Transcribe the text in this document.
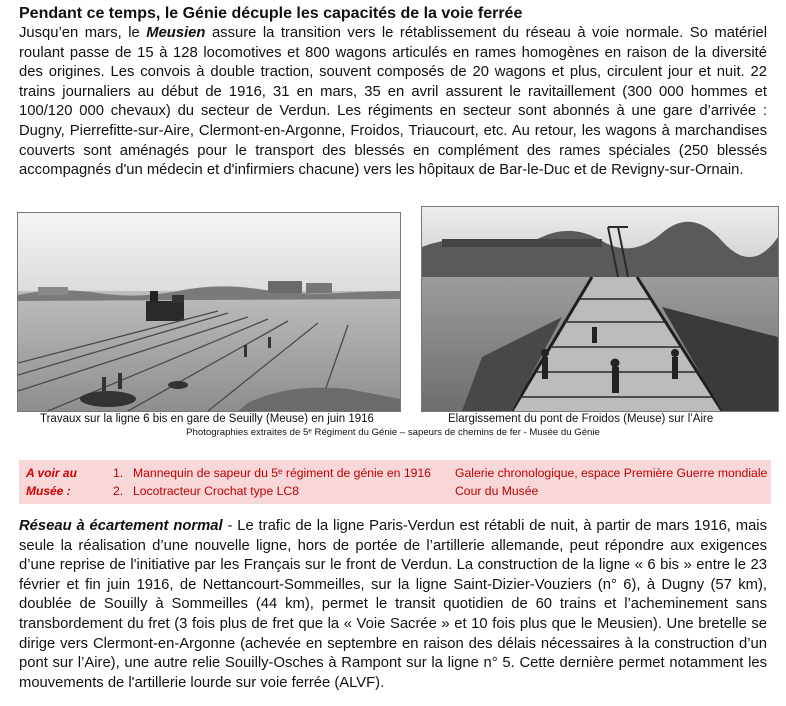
Pendant ce temps, le Génie décuple les capacités de la voie ferrée
Jusqu’en mars, le Meusien assure la transition vers le rétablissement du réseau à voie normale. So matériel roulant passe de 15 à 128 locomotives et 800 wagons articulés en rames homogènes en raison de la diversité des origines. Les convois à double traction, souvent composés de 20 wagons et plus, circulent jour et nuit. 22 trains journaliers au début de 1916, 31 en mars, 35 en avril assurent le ravitaillement (300 000 hommes et 100/120 000 chevaux) du secteur de Verdun. Les régiments en secteur sont abonnés à une gare d’arrivée : Dugny, Pierrefitte-sur-Aire, Clermont-en-Argonne, Froidos, Triaucourt, etc. Au retour, les wagons à marchandises couverts sont aménagés pour le transport des blessés en complément des rames spéciales (250 blessés accompagnés d'un médecin et d'infirmiers chacune) vers les hôpitaux de Bar-le-Duc et de Revigny-sur-Ornain.
Travaux sur la ligne 6 bis en gare de Seuilly (Meuse) en juin 1916	Elargissement du pont de Froidos (Meuse) sur l’Aire
Photographies extraites de 5ᵉ Régiment du Génie – sapeurs de chemins de fer - Musée du Génie
A voir au Musée :
1. Mannequin de sapeur du 5ᵉ régiment de génie en 1916 Galerie chronologique, espace Première Guerre mondiale
2. Locotracteur Crochat type LC8	Cour du Musée
Réseau à écartement normal - Le trafic de la ligne Paris-Verdun est rétabli de nuit, à partir de mars 1916, mais seule la réalisation d’une nouvelle ligne, hors de portée de l’artillerie allemande, peut répondre aux exigences d’une reprise de l'initiative par les Français sur le front de Verdun. La construction de la ligne « 6 bis » entre le 23 février et fin juin 1916, de Nettancourt-Sommeilles, sur la ligne Saint-Dizier-Vouziers (n° 6), à Dugny (57 km), doublée de Souilly à Sommeilles (44 km), permet le transit quotidien de 60 trains et l’acheminement sans transbordement du fret (3 fois plus de fret que la « Voie Sacrée » et 10 fois plus que le Meusien). Une bretelle se dirige vers Clermont-en-Argonne (achevée en septembre en raison des délais nécessaires à la construction d’un pont sur l’Aire), une autre relie Souilly-Osches à Rampont sur la ligne n° 5. Cette dernière permet notamment les mouvements de l'artillerie lourde sur voie ferrée (ALVF).
